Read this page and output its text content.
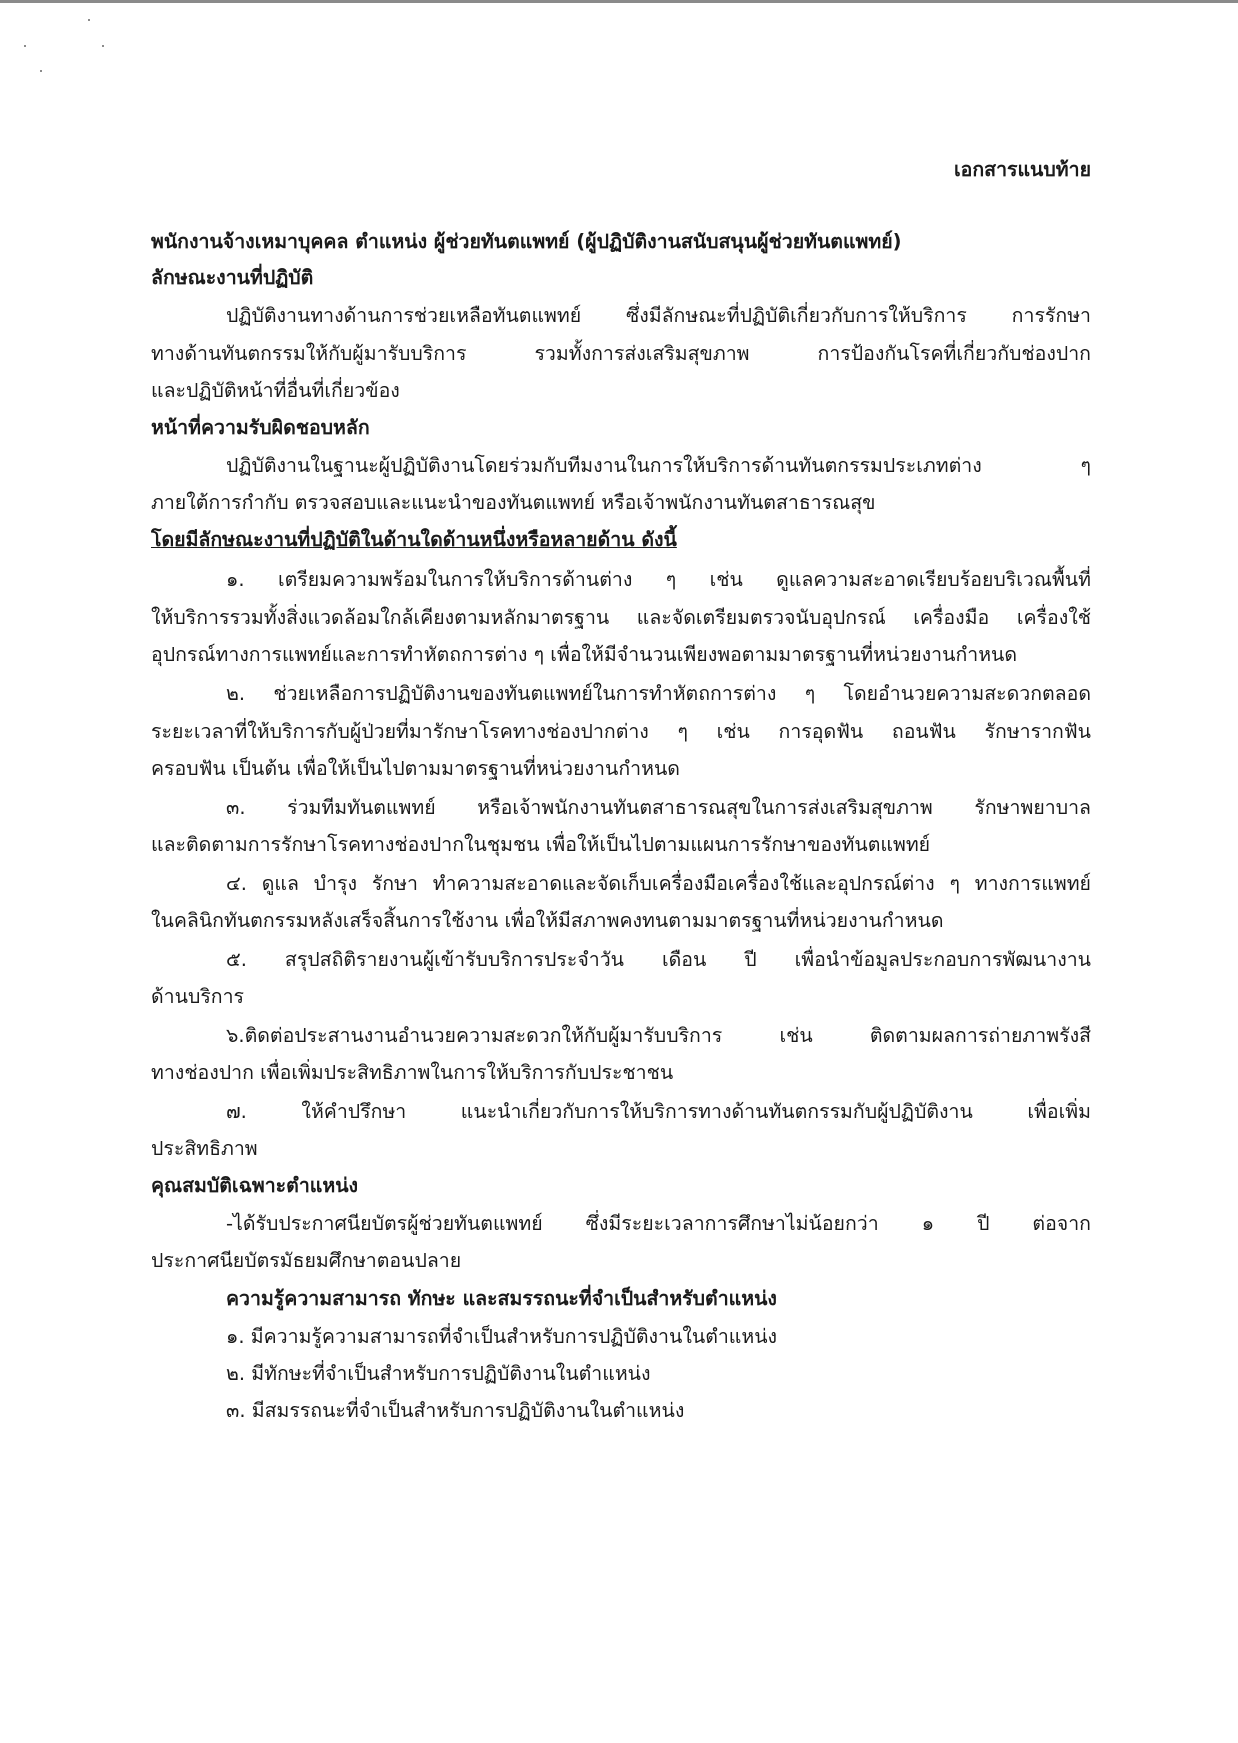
เอกสารแนบท้าย
พนักงานจ้างเหมาบุคคล ตำแหน่ง ผู้ช่วยทันตแพทย์ (ผู้ปฏิบัติงานสนับสนุนผู้ช่วยทันตแพทย์)
ลักษณะงานที่ปฏิบัติ
ปฏิบัติงานทางด้านการช่วยเหลือทันตแพทย์ ซึ่งมีลักษณะที่ปฏิบัติเกี่ยวกับการให้บริการ การรักษา
ทางด้านทันตกรรมให้กับผู้มารับบริการ รวมทั้งการส่งเสริมสุขภาพ การป้องกันโรคที่เกี่ยวกับช่องปาก
และปฏิบัติหน้าที่อื่นที่เกี่ยวข้อง
หน้าที่ความรับผิดชอบหลัก
ปฏิบัติงานในฐานะผู้ปฏิบัติงานโดยร่วมกับทีมงานในการให้บริการด้านทันตกรรมประเภทต่าง ๆ
ภายใต้การกำกับ ตรวจสอบและแนะนำของทันตแพทย์ หรือเจ้าพนักงานทันตสาธารณสุข
โดยมีลักษณะงานที่ปฏิบัติในด้านใดด้านหนึ่งหรือหลายด้าน ดังนี้
๑. เตรียมความพร้อมในการให้บริการด้านต่าง ๆ เช่น ดูแลความสะอาดเรียบร้อยบริเวณพื้นที่
ให้บริการรวมทั้งสิ่งแวดล้อมใกล้เคียงตามหลักมาตรฐาน และจัดเตรียมตรวจนับอุปกรณ์ เครื่องมือ เครื่องใช้
อุปกรณ์ทางการแพทย์และการทำหัตถการต่าง ๆ เพื่อให้มีจำนวนเพียงพอตามมาตรฐานที่หน่วยงานกำหนด
๒. ช่วยเหลือการปฏิบัติงานของทันตแพทย์ในการทำหัตถการต่าง ๆ โดยอำนวยความสะดวกตลอด
ระยะเวลาที่ให้บริการกับผู้ป่วยที่มารักษาโรคทางช่องปากต่าง ๆ เช่น การอุดฟัน ถอนฟัน รักษารากฟัน
ครอบฟัน เป็นต้น เพื่อให้เป็นไปตามมาตรฐานที่หน่วยงานกำหนด
๓. ร่วมทีมทันตแพทย์ หรือเจ้าพนักงานทันตสาธารณสุขในการส่งเสริมสุขภาพ รักษาพยาบาล
และติดตามการรักษาโรคทางช่องปากในชุมชน เพื่อให้เป็นไปตามแผนการรักษาของทันตแพทย์
๔. ดูแล บำรุง รักษา ทำความสะอาดและจัดเก็บเครื่องมือเครื่องใช้และอุปกรณ์ต่าง ๆ ทางการแพทย์
ในคลินิกทันตกรรมหลังเสร็จสิ้นการใช้งาน เพื่อให้มีสภาพคงทนตามมาตรฐานที่หน่วยงานกำหนด
๕. สรุปสถิติรายงานผู้เข้ารับบริการประจำวัน เดือน ปี เพื่อนำข้อมูลประกอบการพัฒนางาน
ด้านบริการ
๖.ติดต่อประสานงานอำนวยความสะดวกให้กับผู้มารับบริการ เช่น ติดตามผลการถ่ายภาพรังสี
ทางช่องปาก เพื่อเพิ่มประสิทธิภาพในการให้บริการกับประชาชน
๗. ให้คำปรึกษา แนะนำเกี่ยวกับการให้บริการทางด้านทันตกรรมกับผู้ปฏิบัติงาน เพื่อเพิ่ม
ประสิทธิภาพ
คุณสมบัติเฉพาะตำแหน่ง
-ได้รับประกาศนียบัตรผู้ช่วยทันตแพทย์ ซึ่งมีระยะเวลาการศึกษาไม่น้อยกว่า ๑ ปี ต่อจาก
ประกาศนียบัตรมัธยมศึกษาตอนปลาย
ความรู้ความสามารถ ทักษะ และสมรรถนะที่จำเป็นสำหรับตำแหน่ง
๑. มีความรู้ความสามารถที่จำเป็นสำหรับการปฏิบัติงานในตำแหน่ง
๒. มีทักษะที่จำเป็นสำหรับการปฏิบัติงานในตำแหน่ง
๓. มีสมรรถนะที่จำเป็นสำหรับการปฏิบัติงานในตำแหน่ง
